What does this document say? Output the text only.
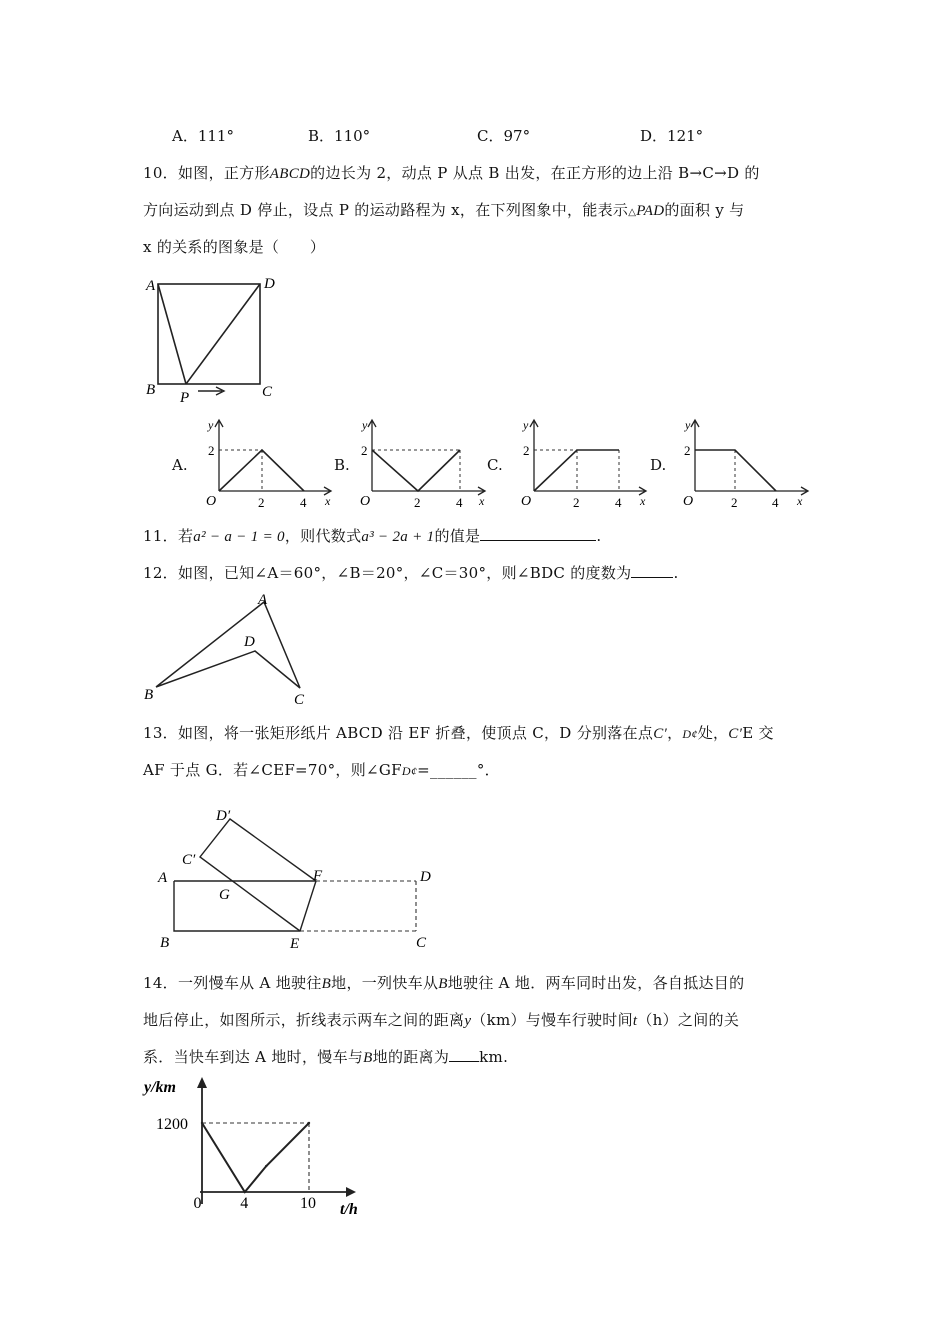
A．111°	B．110°	C．97°	D．121°
10．如图，正方形ABCD的边长为 2，动点 P 从点 B 出发，在正方形的边上沿 B→C→D 的
方向运动到点 D 停止，设点 P 的运动路程为 x，在下列图象中，能表示△PAD的面积 y 与
x 的关系的图象是（　　）
A	D
B	C
P
A.	B.	C.	D.
y
2
O	2	4 x
y
2
O	2	4 x
y
2
O	2	4 x
y
2
O	2	4 x
11．若a² − a − 1 = 0，则代数式a³ − 2a + 1的值是	.
12．如图，已知∠A＝60°，∠B＝20°，∠C＝30°，则∠BDC 的度数为	.
A
D
B	C
13．如图，将一张矩形纸片 ABCD 沿 EF 折叠，使顶点 C，D 分别落在点C′，D¢处，C′E 交
AF 于点 G．若∠CEF=70°，则∠GFD¢=______°．
A
B	E	C
D
F
G
C′
D′
14．一列慢车从 A 地驶往B地，一列快车从B地驶往 A 地．两车同时出发，各自抵达目的
地后停止，如图所示，折线表示两车之间的距离y（km）与慢车行驶时间t（h）之间的关
系．当快车到达 A 地时，慢车与B地的距离为 km.
y/km
t/h
0 4	10
1200
